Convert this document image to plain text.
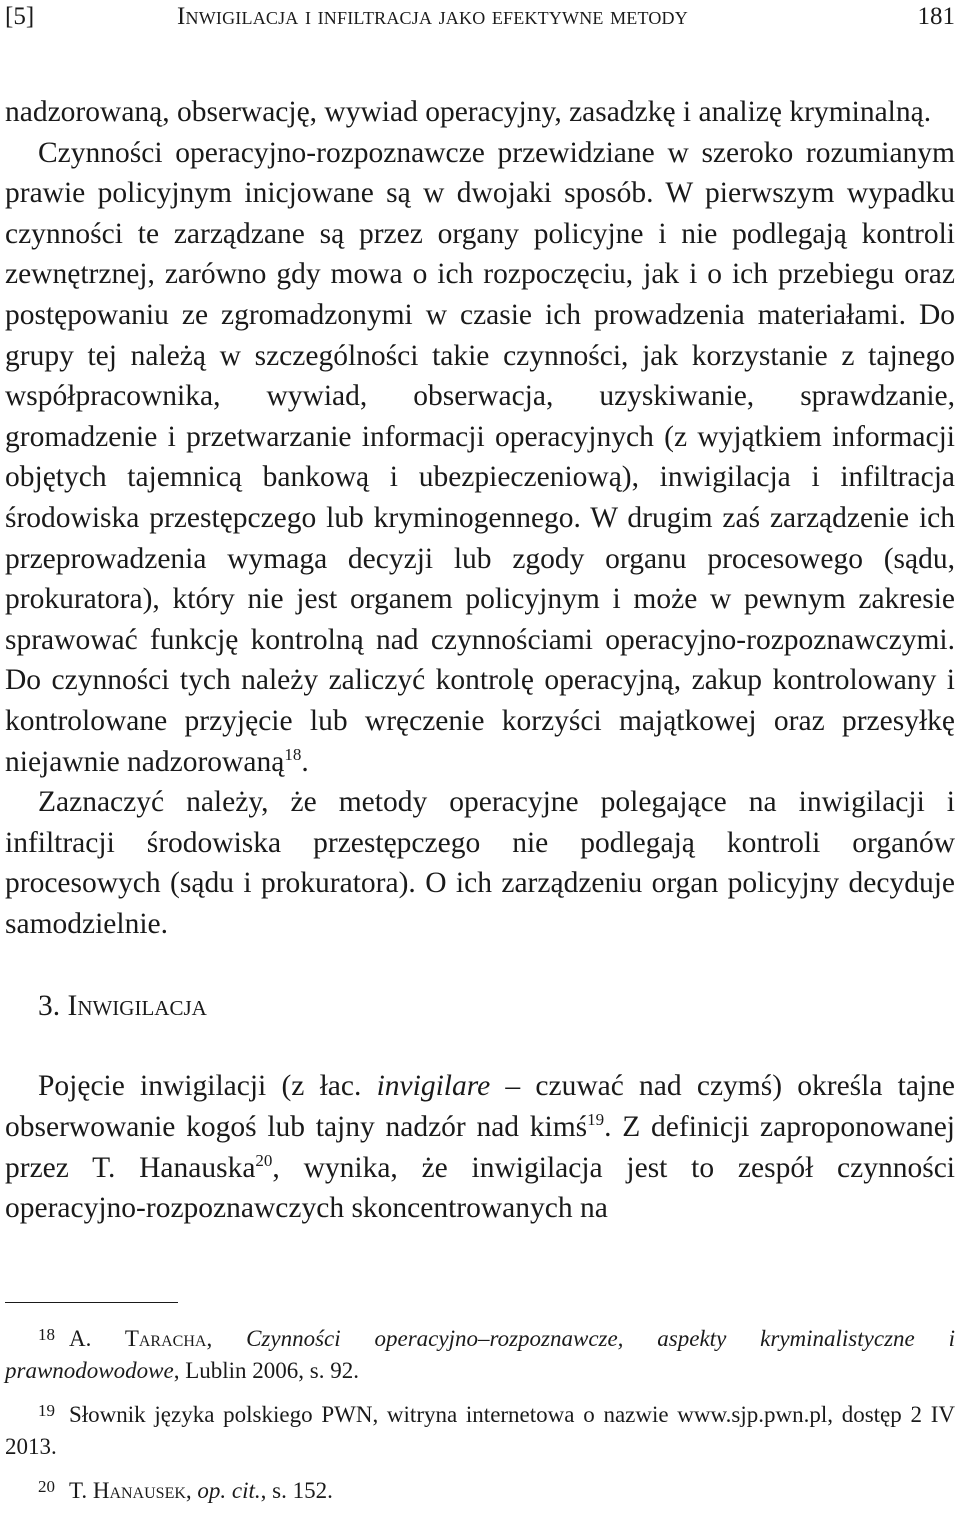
[5]	Inwigilacja i infiltracja jako efektywne metody	181

nadzorowaną, obserwację, wywiad operacyjny, zasadzkę i analizę kryminalną.

Czynności operacyjno-rozpoznawcze przewidziane w szeroko rozumianym prawie policyjnym inicjowane są w dwojaki sposób. W pierwszym wypadku czynności te zarządzane są przez organy policyjne i nie podlegają kontroli zewnętrznej, zarówno gdy mowa o ich rozpoczęciu, jak i o ich przebiegu oraz postępowaniu ze zgromadzonymi w czasie ich prowadzenia materiałami. Do grupy tej należą w szczególności takie czynności, jak korzystanie z tajnego współpracownika, wywiad, obserwacja, uzyskiwanie, sprawdzanie, gromadzenie i przetwarzanie informacji operacyjnych (z wyjątkiem informacji objętych tajemnicą bankową i ubezpieczeniową), inwigilacja i infiltracja środowiska przestępczego lub kryminogennego. W drugim zaś zarządzenie ich przeprowadzenia wymaga decyzji lub zgody organu procesowego (sądu, prokuratora), który nie jest organem policyjnym i może w pewnym zakresie sprawować funkcję kontrolną nad czynnościami operacyjno-rozpoznawczymi. Do czynności tych należy zaliczyć kontrolę operacyjną, zakup kontrolowany i kontrolowane przyjęcie lub wręczenie korzyści majątkowej oraz przesyłkę niejawnie nadzorowaną$^{18}$.

Zaznaczyć należy, że metody operacyjne polegające na inwigilacji i infiltracji środowiska przestępczego nie podlegają kontroli organów procesowych (sądu i prokuratora). O ich zarządzeniu organ policyjny decyduje samodzielnie.

3. Inwigilacja

Pojęcie inwigilacji (z łac. invigilare – czuwać nad czymś) określa tajne obserwowanie kogoś lub tajny nadzór nad kimś$^{19}$. Z definicji zaproponowanej przez T. Hanauska$^{20}$, wynika, że inwigilacja jest to zespół czynności operacyjno-rozpoznawczych skoncentrowanych na

$^{18}$ A. Taracha, Czynności operacyjno–rozpoznawcze, aspekty kryminalistyczne i prawnodowodowe, Lublin 2006, s. 92.

$^{19}$ Słownik języka polskiego PWN, witryna internetowa o nazwie www.sjp.pwn.pl, dostęp 2 IV 2013.

$^{20}$ T. Hanausek, op. cit., s. 152.
